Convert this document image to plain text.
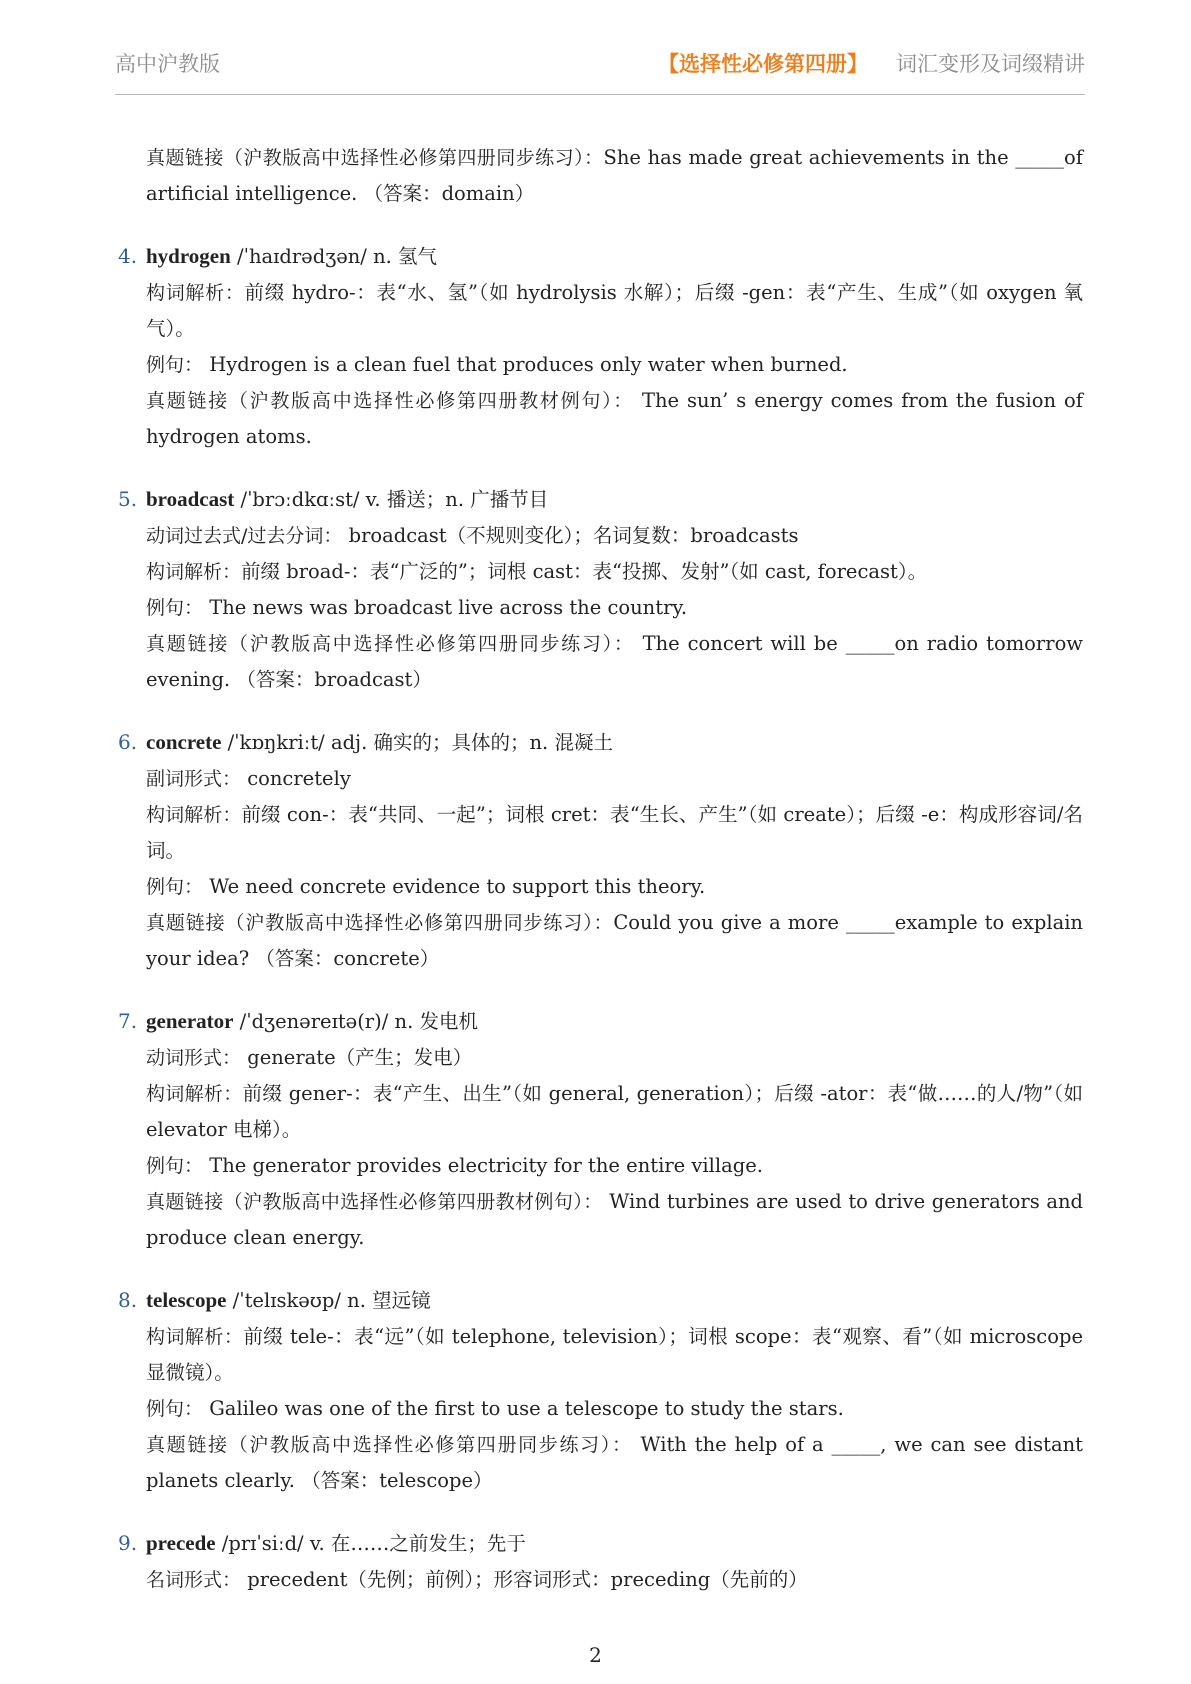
高中沪教版	【选择性必修第四册】 词汇变形及词缀精讲
真题链接（沪教版高中选择性必修第四册同步练习）：She has made great achievements in the _____of artificial intelligence. （答案：domain）
4. hydrogen /ˈhaɪdrədʒən/ n. 氢气
构词解析：前缀 hydro-：表“水、氢”（如 hydrolysis 水解）；后缀 -gen：表“产生、生成”（如 oxygen 氧气）。
例句： Hydrogen is a clean fuel that produces only water when burned.
真题链接（沪教版高中选择性必修第四册教材例句）： The sun’ s energy comes from the fusion of hydrogen atoms.
5. broadcast /ˈbrɔːdkɑːst/ v. 播送；n. 广播节目
动词过去式/过去分词： broadcast（不规则变化）；名词复数：broadcasts
构词解析：前缀 broad-：表“广泛的”；词根 cast：表“投掷、发射”（如 cast, forecast）。
例句： The news was broadcast live across the country.
真题链接（沪教版高中选择性必修第四册同步练习）： The concert will be _____on radio tomorrow evening. （答案：broadcast）
6. concrete /ˈkɒŋkriːt/ adj. 确实的；具体的；n. 混凝土
副词形式： concretely
构词解析：前缀 con-：表“共同、一起”；词根 cret：表“生长、产生”（如 create）；后缀 -e：构成形容词/名词。
例句： We need concrete evidence to support this theory.
真题链接（沪教版高中选择性必修第四册同步练习）：Could you give a more _____example to explain your idea? （答案：concrete）
7. generator /ˈdʒenəreɪtə(r)/ n. 发电机
动词形式： generate（产生；发电）
构词解析：前缀 gener-：表“产生、出生”（如 general, generation）；后缀 -ator：表“做……的人/物”（如 elevator 电梯）。
例句： The generator provides electricity for the entire village.
真题链接（沪教版高中选择性必修第四册教材例句）： Wind turbines are used to drive generators and produce clean energy.
8. telescope /ˈtelɪskəʊp/ n. 望远镜
构词解析：前缀 tele-：表“远”（如 telephone, television）；词根 scope：表“观察、看”（如 microscope 显微镜）。
例句： Galileo was one of the first to use a telescope to study the stars.
真题链接（沪教版高中选择性必修第四册同步练习）： With the help of a _____, we can see distant planets clearly. （答案：telescope）
9. precede /prɪˈsiːd/ v. 在……之前发生；先于
名词形式： precedent（先例；前例）；形容词形式：preceding（先前的）
2
